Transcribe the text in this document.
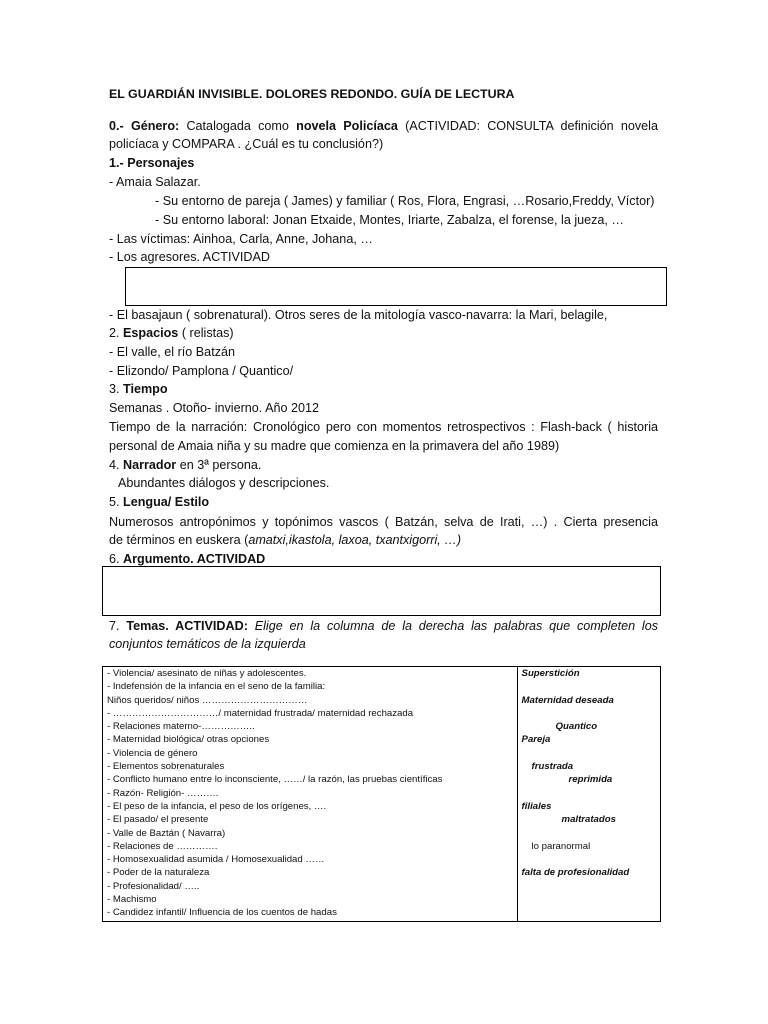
EL GUARDIÁN INVISIBLE. DOLORES REDONDO. GUÍA DE LECTURA
0.- Género: Catalogada como novela Policíaca (ACTIVIDAD: CONSULTA definición novela
policíaca y COMPARA . ¿Cuál es tu conclusión?)
1.- Personajes
- Amaia Salazar.
- Su entorno de pareja ( James) y familiar ( Ros, Flora, Engrasi, …Rosario,Freddy, Víctor)
- Su entorno laboral: Jonan Etxaide, Montes, Iriarte, Zabalza, el forense, la jueza, …
- Las víctimas: Ainhoa, Carla, Anne, Johana, …
- Los agresores. ACTIVIDAD
- El basajaun ( sobrenatural). Otros seres de la mitología vasco-navarra: la Mari, belagile,
2. Espacios ( relistas)
- El valle, el río Batzán
- Elizondo/ Pamplona / Quantico/
3. Tiempo
Semanas . Otoño- invierno. Año 2012
Tiempo de la narración: Cronológico pero con momentos retrospectivos : Flash-back ( historia
personal de Amaia niña y su madre que comienza en la primavera del año 1989)
4. Narrador en 3ª persona.
Abundantes diálogos y descripciones.
5. Lengua/ Estilo
Numerosos antropónimos y topónimos vascos ( Batzán, selva de Irati, …) . Cierta presencia
de términos en euskera (amatxi,ikastola, laxoa, txantxigorri, …)
6. Argumento. ACTIVIDAD
7. Temas. ACTIVIDAD: Elige en la columna de la derecha las palabras que completen los
conjuntos temáticos de la izquierda
- Violencia/ asesinato de niñas y adolescentes.
- Indefensión de la infancia en el seno de la familia:
Niños queridos/ niños ……………………………
- ……………………………/ maternidad frustrada/ maternidad rechazada
- Relaciones materno-……………..
- Maternidad biológica/ otras opciones
- Violencia de género
- Elementos sobrenaturales
- Conflicto humano entre lo inconsciente, ……/ la razón, las pruebas científicas
- Razón- Religión- ……….
- El peso de la infancia, el peso de los orígenes, ….
- El pasado/ el presente
- Valle de Baztán ( Navarra)
- Relaciones de ………….
- Homosexualidad asumida / Homosexualidad ……
- Poder de la naturaleza
- Profesionalidad/ …..
- Machismo
- Candidez infantil/ Influencia de los cuentos de hadas

Superstición

Maternidad deseada

Quantico
Pareja

frustrada
reprimida

filiales
maltratados

lo paranormal

falta de profesionalidad
